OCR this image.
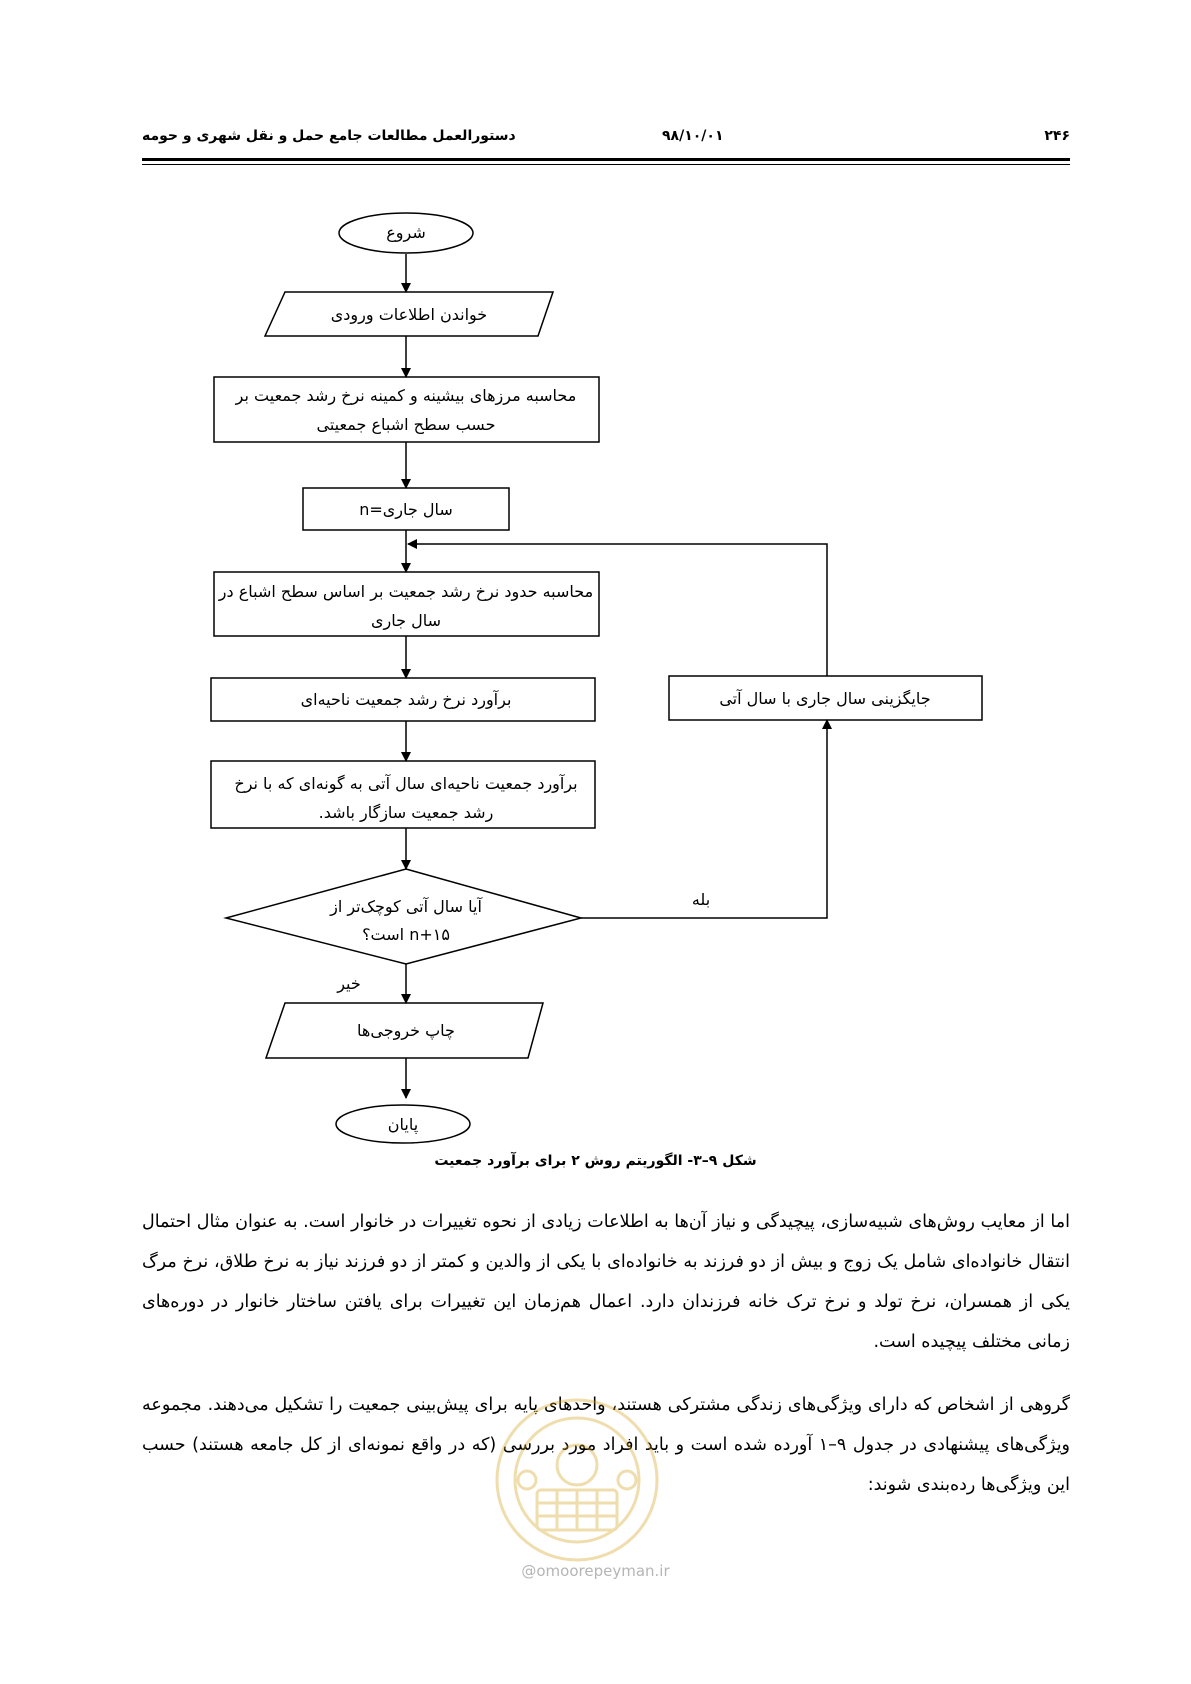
دستورالعمل مطالعات جامع حمل و نقل شهری و حومه	۹۸/۱۰/۰۱	۲۴۶
شروع
خواندن اطلاعات ورودی
محاسبه مرزهای بیشینه و کمینه نرخ رشد جمعیت بر
حسب سطح اشباع جمعیتی
سال جاری=n
محاسبه حدود نرخ رشد جمعیت بر اساس سطح اشباع در
سال جاری
برآورد نرخ رشد جمعیت ناحیه‌ای
برآورد جمعیت ناحیه‌ای سال آتی به گونه‌ای که با نرخ
رشد جمعیت سازگار باشد.
آیا سال آتی کوچک‌تر از
n+۱۵ است؟
بله
خیر
جایگزینی سال جاری با سال آتی
چاپ خروجی‌ها
پایان
شکل ۹–۳- الگوریتم روش ۲ برای برآورد جمعیت

اما از معایب روش‌های شبیه‌سازی، پیچیدگی و نیاز آن‌ها به اطلاعات زیادی از نحوه تغییرات در خانوار است. به عنوان مثال احتمال انتقال خانواده‌ای شامل یک زوج و بیش از دو فرزند به خانواده‌ای با یکی از والدین و کمتر از دو فرزند نیاز به نرخ طلاق، نرخ مرگ یکی از همسران، نرخ تولد و نرخ ترک خانه فرزندان دارد. اعمال هم‌زمان این تغییرات برای یافتن ساختار خانوار در دوره‌های زمانی مختلف پیچیده است.

گروهی از اشخاص که دارای ویژگی‌های زندگی مشترکی هستند، واحدهای پایه برای پیش‌بینی جمعیت را تشکیل می‌دهند. مجموعه ویژگی‌های پیشنهادی در جدول ۹–۱ آورده شده است و باید افراد مورد بررسی (که در واقع نمونه‌ای از کل جامعه هستند) حسب این ویژگی‌ها رده‌بندی شوند:

@omoorepeyman.ir
